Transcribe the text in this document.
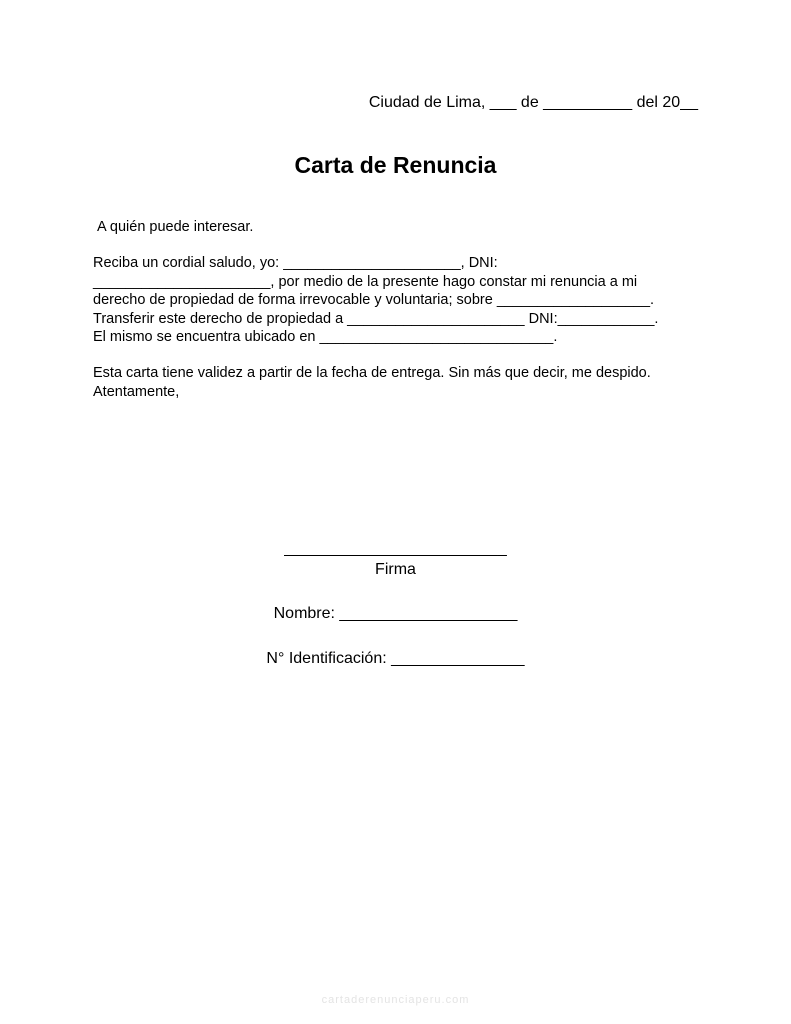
Ciudad de Lima, ___ de __________ del 20__
Carta de Renuncia
A quién puede interesar.
Reciba un cordial saludo, yo: ______________________, DNI:
______________________, por medio de la presente hago constar mi renuncia a mi
derecho de propiedad de forma irrevocable y voluntaria; sobre ___________________.
Transferir este derecho de propiedad a ______________________ DNI:____________.
El mismo se encuentra ubicado en _____________________________.
Esta carta tiene validez a partir de la fecha de entrega. Sin más que decir, me despido.
Atentamente,
_________________________
Firma
Nombre: ____________________
N° Identificación: _______________
cartaderenunciaperu.com
